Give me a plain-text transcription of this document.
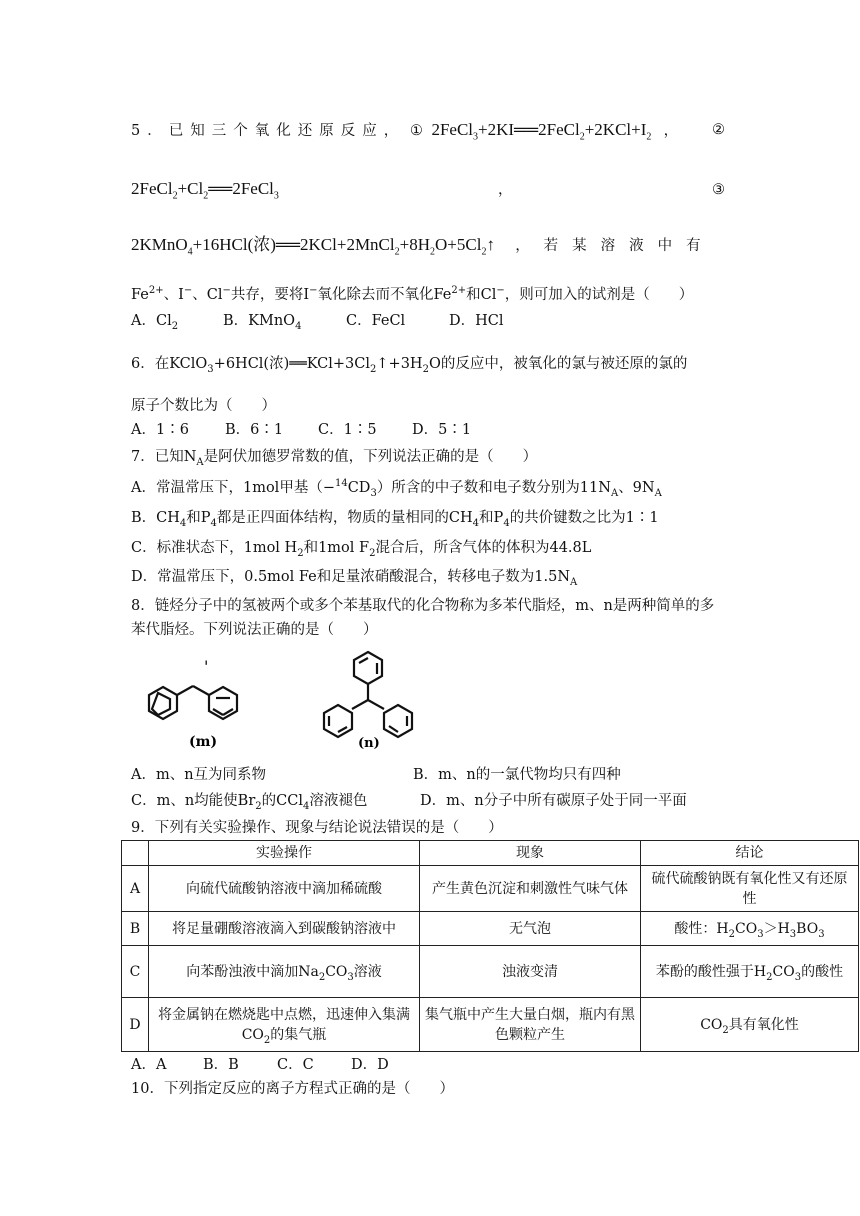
5．已知三个氧化还原反应， ① $2FeCl_3+2KI══2FeCl_2+2KCl+I_2$ ，	②
$2FeCl_2+Cl_2══2FeCl_3$	，	③
2KMnO$_4$+16HCl(浓)$══2KCl+2MnCl_2+8H_2O+5Cl_2↑$ ，若某溶液中有
$Fe^{2+}$、I−、Cl−共存，要将I−氧化除去而不氧化$Fe^{2+}$和Cl−，则可加入的试剂是（　　）
A．$Cl_2$	B．KMnO$_4$	C．FeCl	D．HCl
6．在KClO$_3$+6HCl(浓)$══KCl+3Cl_2↑+3H_2O$的反应中，被氧化的氯与被还原的氯的
原子个数比为（　　）
A．1∶6 B．6∶1 C．1∶5 D．5∶1
7．已知$N_A$是阿伏加德罗常数的值，下列说法正确的是（　　）
A．常温常压下，1mol甲基$(-^{14}CD_3)$所含的中子数和电子数分别为$11N_A$、$9N_A$
B．$CH_4$和$P_4$都是正四面体结构，物质的量相同的$CH_4$和$P_4$的共价键数之比为1∶1
C．标准状态下，1mol $H_2$和1mol $F_2$混合后，所含气体的体积为44.8L
D．常温常压下，0.5mol Fe和足量浓硝酸混合，转移电子数为$1.5N_A$
8．链烃分子中的氢被两个或多个苯基取代的化合物称为多苯代脂烃，m、n是两种简单的多
苯代脂烃。下列说法正确的是（　　）
'
(m)	(n)
A．m、n互为同系物	B．m、n的一氯代物均只有四种
C．m、n均能使$Br_2$的CCl$_4$溶液褪色	D．m、n分子中所有碳原子处于同一平面
9．下列有关实验操作、现象与结论说法错误的是（　　）
	实验操作	现象	结论
A	向硫代硫酸钠溶液中滴加稀硫酸	产生黄色沉淀和刺激性气味气体	硫代硫酸钠既有氧化性又有还原性
B	将足量硼酸溶液滴入到碳酸钠溶液中	无气泡	酸性：$H_2CO_3>H_3BO_3$
C	向苯酚浊液中滴加$Na_2CO_3$溶液	浊液变清	苯酚的酸性强于$H_2CO_3$的酸性
D	将金属钠在燃烧匙中点燃，迅速伸入集满$CO_2$的集气瓶	集气瓶中产生大量白烟，瓶内有黑色颗粒产生	$CO_2$具有氧化性
A．A	B．B	C．C	D．D
10．下列指定反应的离子方程式正确的是（　　）
